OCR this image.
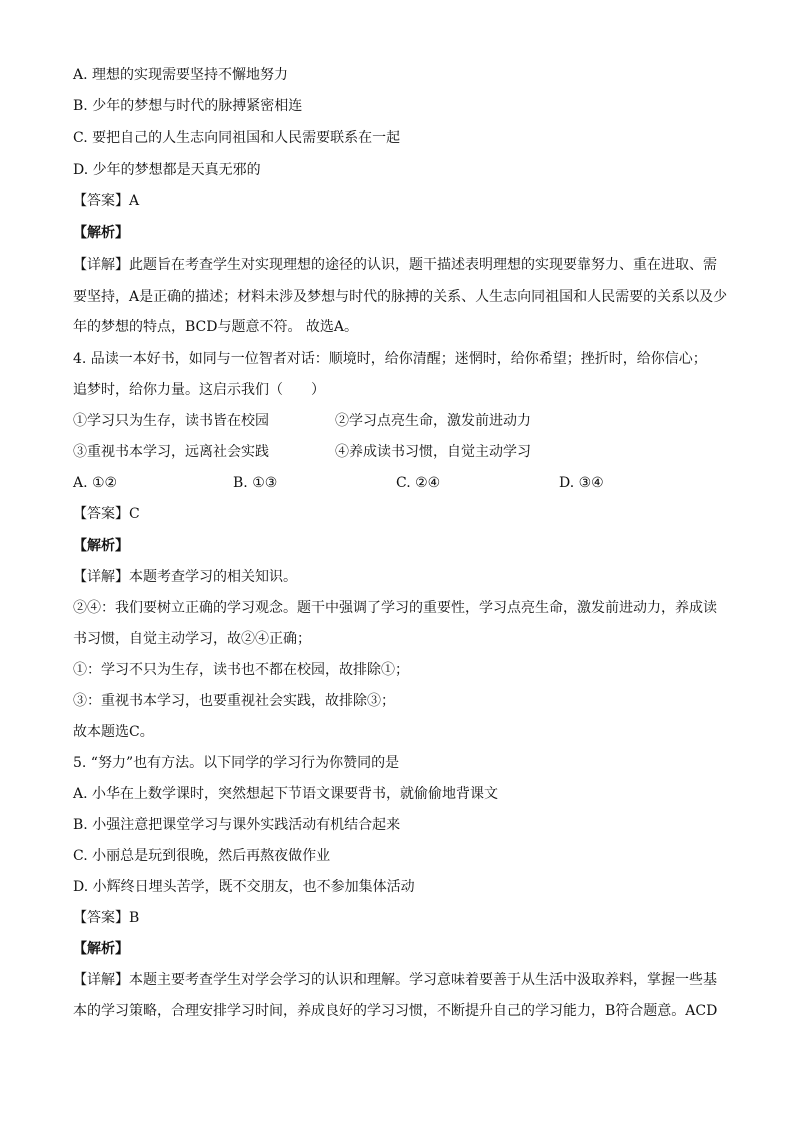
A. 理想的实现需要坚持不懈地努力
B. 少年的梦想与时代的脉搏紧密相连
C. 要把自己的人生志向同祖国和人民需要联系在一起
D. 少年的梦想都是天真无邪的
【答案】A
【解析】
【详解】此题旨在考查学生对实现理想的途径的认识，题干描述表明理想的实现要靠努力、重在进取、需
要坚持，A是正确的描述；材料未涉及梦想与时代的脉搏的关系、人生志向同祖国和人民需要的关系以及少
年的梦想的特点，BCD与题意不符。 故选A。
4. 品读一本好书，如同与一位智者对话：顺境时，给你清醒；迷惘时，给你希望；挫折时，给你信心；
追梦时，给你力量。这启示我们（　　）
①学习只为生存，读书皆在校园	②学习点亮生命，激发前进动力
③重视书本学习，远离社会实践	④养成读书习惯，自觉主动学习
A. ①②	B. ①③	C. ②④	D. ③④
【答案】C
【解析】
【详解】本题考查学习的相关知识。
②④：我们要树立正确的学习观念。题干中强调了学习的重要性，学习点亮生命，激发前进动力，养成读
书习惯，自觉主动学习，故②④正确；
①：学习不只为生存，读书也不都在校园，故排除①；
③：重视书本学习，也要重视社会实践，故排除③；
故本题选C。
5. “努力”也有方法。以下同学的学习行为你赞同的是
A. 小华在上数学课时，突然想起下节语文课要背书，就偷偷地背课文
B. 小强注意把课堂学习与课外实践活动有机结合起来
C. 小丽总是玩到很晚，然后再熬夜做作业
D. 小辉终日埋头苦学，既不交朋友，也不参加集体活动
【答案】B
【解析】
【详解】本题主要考查学生对学会学习的认识和理解。学习意味着要善于从生活中汲取养料，掌握一些基
本的学习策略，合理安排学习时间，养成良好的学习习惯，不断提升自己的学习能力，B符合题意。ACD
